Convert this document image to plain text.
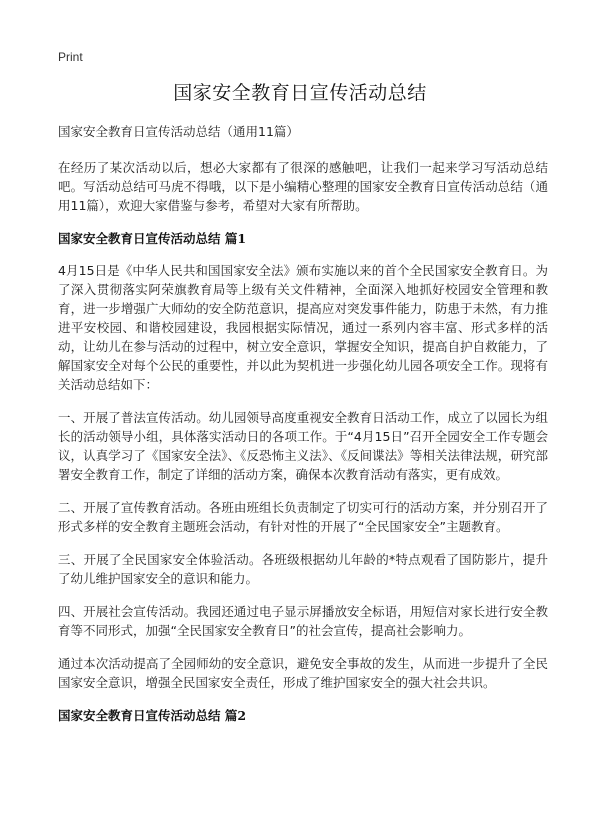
Print

国家安全教育日宣传活动总结

国家安全教育日宣传活动总结（通用11篇）

在经历了某次活动以后，想必大家都有了很深的感触吧，让我们一起来学习写活动总结吧。写活动总结可马虎不得哦，以下是小编精心整理的国家安全教育日宣传活动总结（通用11篇），欢迎大家借鉴与参考，希望对大家有所帮助。

国家安全教育日宣传活动总结 篇1

4月15日是《中华人民共和国国家安全法》颁布实施以来的首个全民国家安全教育日。为了深入贯彻落实阿荣旗教育局等上级有关文件精神，全面深入地抓好校园安全管理和教育，进一步增强广大师幼的安全防范意识，提高应对突发事件能力，防患于未然，有力推进平安校园、和谐校园建设，我园根据实际情况，通过一系列内容丰富、形式多样的活动，让幼儿在参与活动的过程中，树立安全意识，掌握安全知识，提高自护自救能力，了解国家安全对每个公民的重要性，并以此为契机进一步强化幼儿园各项安全工作。现将有关活动总结如下：

一、开展了普法宣传活动。幼儿园领导高度重视安全教育日活动工作，成立了以园长为组长的活动领导小组，具体落实活动日的各项工作。于“4月15日”召开全园安全工作专题会议，认真学习了《国家安全法》、《反恐怖主义法》、《反间谍法》等相关法律法规，研究部署安全教育工作，制定了详细的活动方案，确保本次教育活动有落实，更有成效。

二、开展了宣传教育活动。各班由班组长负责制定了切实可行的活动方案，并分别召开了形式多样的安全教育主题班会活动，有针对性的开展了“全民国家安全”主题教育。

三、开展了全民国家安全体验活动。各班级根据幼儿年龄的*特点观看了国防影片，提升了幼儿维护国家安全的意识和能力。

四、开展社会宣传活动。我园还通过电子显示屏播放安全标语，用短信对家长进行安全教育等不同形式，加强“全民国家安全教育日”的社会宣传，提高社会影响力。

通过本次活动提高了全园师幼的安全意识，避免安全事故的发生，从而进一步提升了全民国家安全意识，增强全民国家安全责任，形成了维护国家安全的强大社会共识。

国家安全教育日宣传活动总结 篇2
